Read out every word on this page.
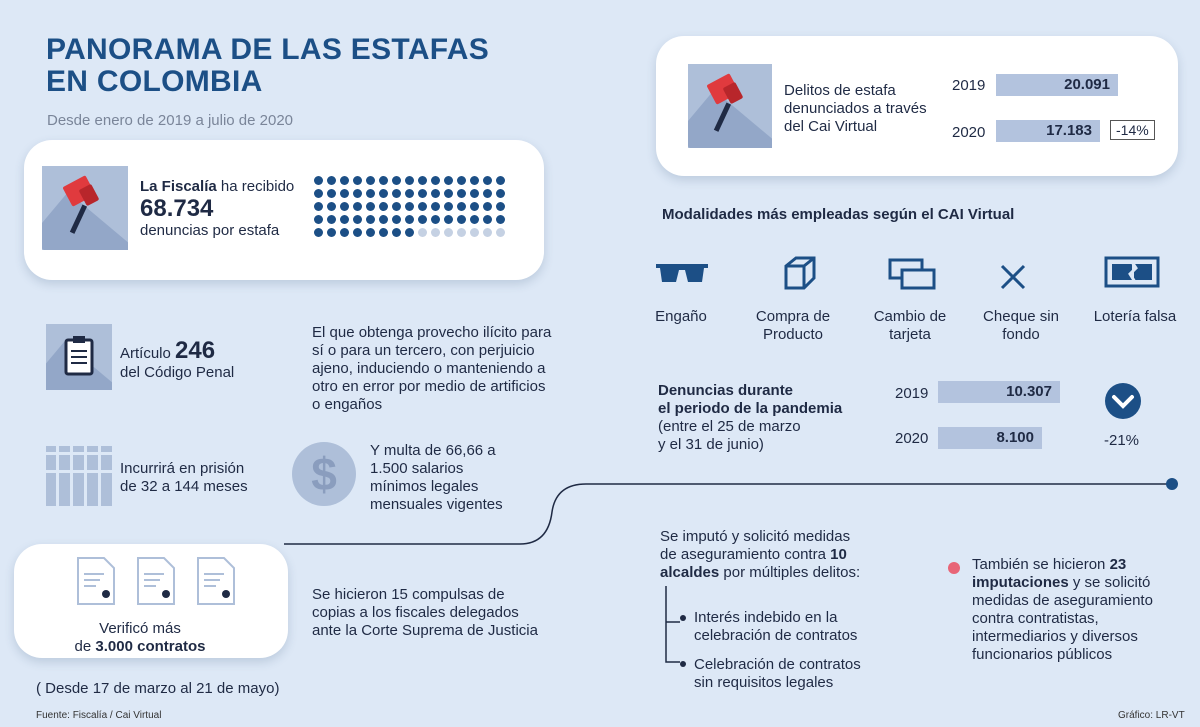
PANORAMA DE LAS ESTAFAS
EN COLOMBIA
Desde enero de 2019 a julio de 2020
La Fiscalía ha recibido
68.734
denuncias por estafa
Delitos de estafa denunciados a través del Cai Virtual
2019	20.091
2020	17.183	-14%
Modalidades más empleadas según el CAI Virtual
Engaño	Compra de Producto
Cambio de tarjeta
Cheque sin fondo
Lotería falsa
Denuncias durante
el periodo de la pandemia
(entre el 25 de marzo
y el 31 de junio)
2019	10.307
2020	8.100	-21%
Artículo 246
del Código Penal
El que obtenga provecho ilícito para sí o para un tercero, con perjuicio ajeno, induciendo o manteniendo a otro en error por medio de artificios o engaños
Incurrirá en prisión
de 32 a 144 meses	$	Y multa de 66,66 a 1.500 salarios mínimos legales mensuales vigentes
Verificó más
de 3.000 contratos
( Desde 17 de marzo al 21 de mayo)
Se hicieron 15 compulsas de copias a los fiscales delegados ante la Corte Suprema de Justicia
Se imputó y solicitó medidas
de aseguramiento contra 10
alcaldes por múltiples delitos:
Interés indebido en la
celebración de contratos
Celebración de contratos
sin requisitos legales
También se hicieron 23
imputaciones y se solicitó
medidas de aseguramiento contra contratistas, intermediarios y diversos funcionarios públicos
Fuente: Fiscalía / Cai Virtual	Gráfico: LR-VT
